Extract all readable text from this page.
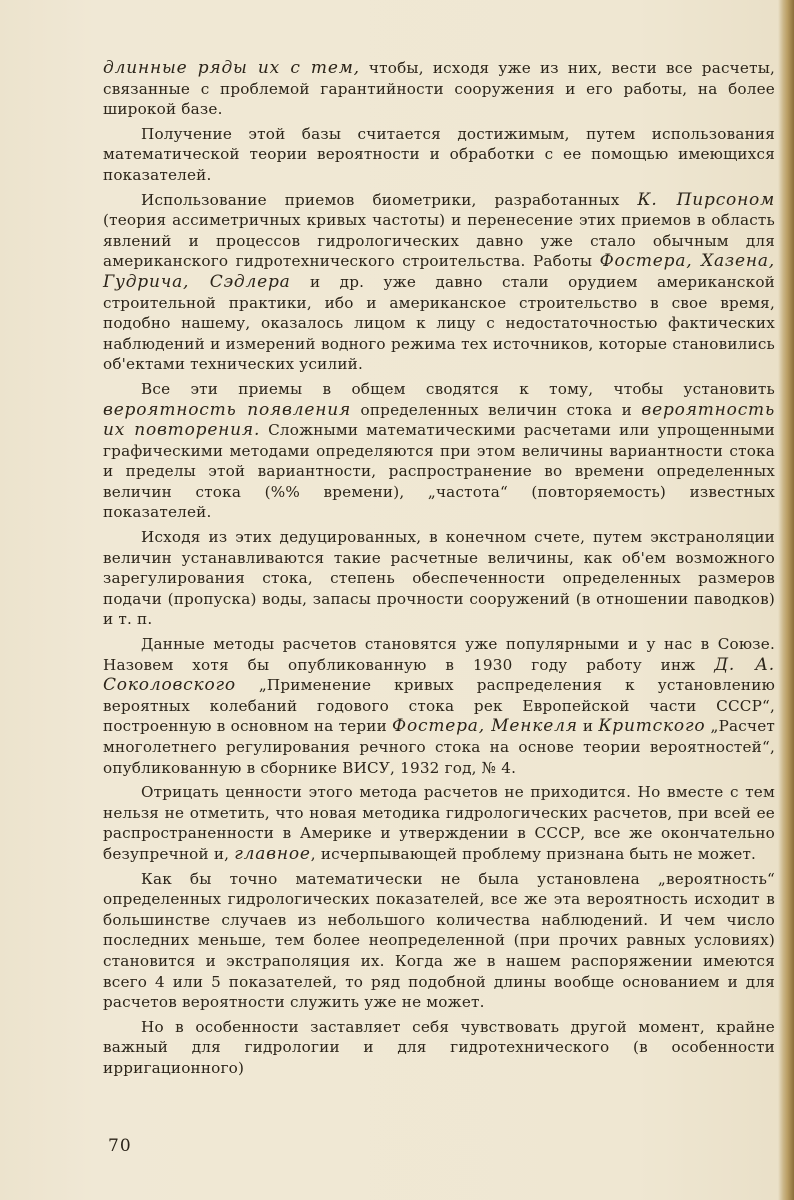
длинные ряды их с тем, чтобы, исходя уже из них, вести все расчеты, связанные с проблемой гарантийности сооружения и его работы, на более широкой базе.

Получение этой базы считается достижимым, путем использования математической теории вероятности и обработки с ее помощью имеющихся показателей.

Использование приемов биометрики, разработанных К. Пирсоном (теория ассиметричных кривых частоты) и перенесение этих приемов в область явлений и процессов гидрологических давно уже стало обычным для американского гидротехнического строительства. Работы Фостера, Хазена, Гудрича, Сэдлера и др. уже давно стали орудием американской строительной практики, ибо и американское строительство в свое время, подобно нашему, оказалось лицом к лицу с недостаточностью фактических наблюдений и измерений водного режима тех источников, которые становились об'ектами технических усилий.

Все эти приемы в общем сводятся к тому, чтобы установить вероятность появления определенных величин стока и вероятность их повторения. Сложными математическими расчетами или упрощенными графическими методами определяются при этом величины вариантности стока и пределы этой вариантности, распространение во времени определенных величин стока (%% времени), „частота“ (повторяемость) известных показателей.

Исходя из этих дедуцированных, в конечном счете, путем экстраноляции величин устанавливаются такие расчетные величины, как об'ем возможного зарегулирования стока, степень обеспеченности определенных размеров подачи (пропуска) воды, запасы прочности сооружений (в отношении паводков) и т. п.

Данные методы расчетов становятся уже популярными и у нас в Союзе. Назовем хотя бы опубликованную в 1930 году работу инж Д. А. Соколовского „Применение кривых распределения к установлению вероятных колебаний годового стока рек Европейской части СССР“, построенную в основном на терии Фостера, Менкеля и Критского „Расчет многолетнего регулирования речного стока на основе теории вероятностей“, опубликованную в сборнике ВИСУ, 1932 год, № 4.

Отрицать ценности этого метода расчетов не приходится. Но вместе с тем нельзя не отметить, что новая методика гидрологических расчетов, при всей ее распространенности в Америке и утверждении в СССР, все же окончательно безупречной и, главное, исчерпывающей проблему признана быть не может.

Как бы точно математически не была установлена „вероятность“ определенных гидрологических показателей, все же эта вероятность исходит в большинстве случаев из небольшого количества наблюдений. И чем число последних меньше, тем более неопределенной (при прочих равных условиях) становится и экстраполяция их. Когда же в нашем распоряжении имеются всего 4 или 5 показателей, то ряд подобной длины вообще основанием и для расчетов вероятности служить уже не может.

Но в особенности заставляет себя чувствовать другой момент, крайне важный для гидрологии и для гидротехнического (в особенности ирригационного)

70
